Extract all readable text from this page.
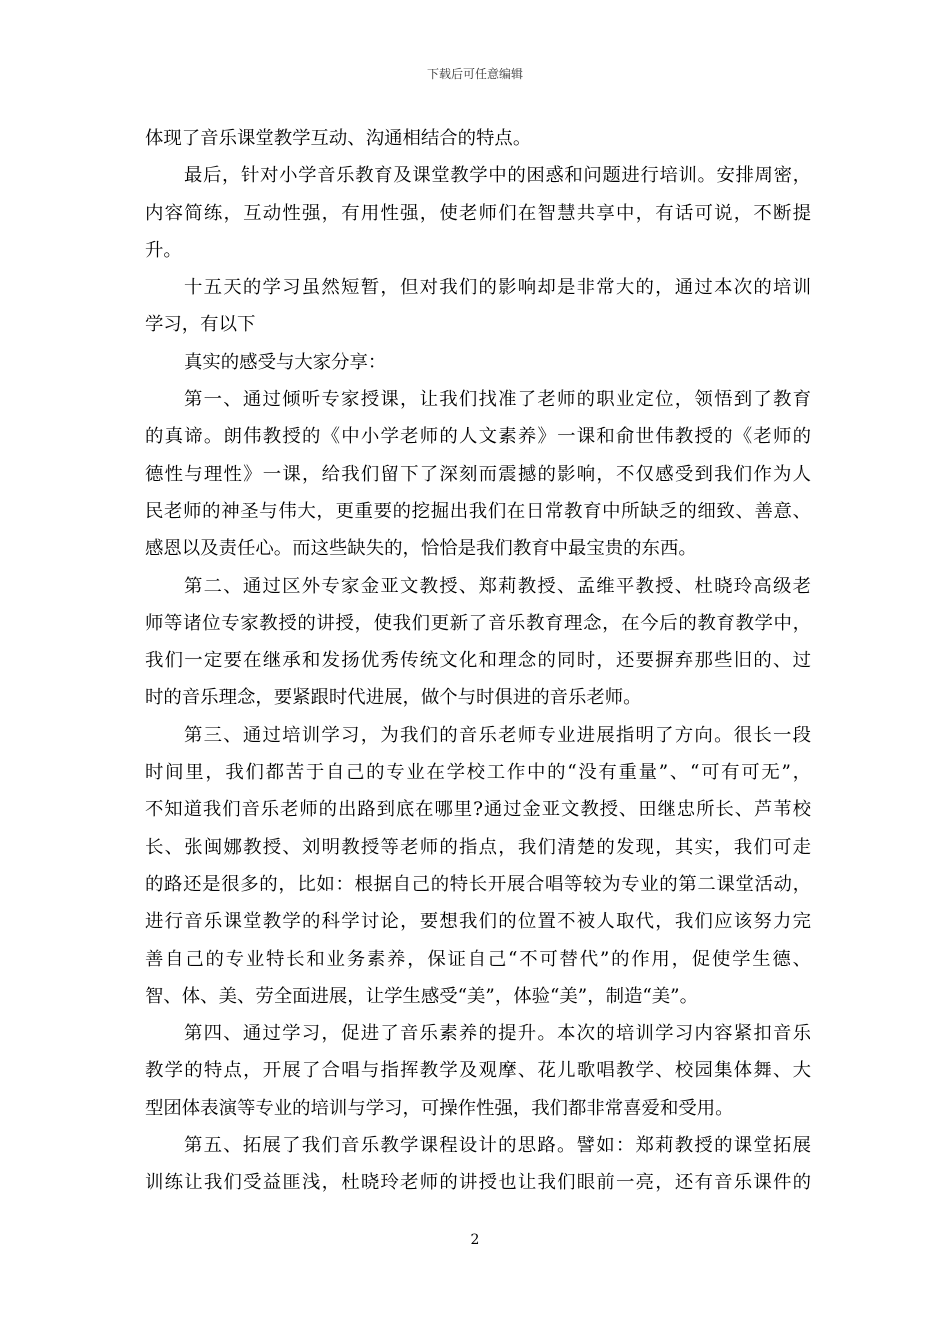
下载后可任意编辑
体现了音乐课堂教学互动、沟通相结合的特点。
最后，针对小学音乐教育及课堂教学中的困惑和问题进行培训。安排周密，
内容简练，互动性强，有用性强，使老师们在智慧共享中，有话可说，不断提
升。
十五天的学习虽然短暂，但对我们的影响却是非常大的，通过本次的培训
学习，有以下
真实的感受与大家分享：
第一、通过倾听专家授课，让我们找准了老师的职业定位，领悟到了教育
的真谛。朗伟教授的《中小学老师的人文素养》一课和俞世伟教授的《老师的
德性与理性》一课，给我们留下了深刻而震撼的影响，不仅感受到我们作为人
民老师的神圣与伟大，更重要的挖掘出我们在日常教育中所缺乏的细致、善意、
感恩以及责任心。而这些缺失的，恰恰是我们教育中最宝贵的东西。
第二、通过区外专家金亚文教授、郑莉教授、孟维平教授、杜晓玲高级老
师等诸位专家教授的讲授，使我们更新了音乐教育理念，在今后的教育教学中，
我们一定要在继承和发扬优秀传统文化和理念的同时，还要摒弃那些旧的、过
时的音乐理念，要紧跟时代进展，做个与时俱进的音乐老师。
第三、通过培训学习，为我们的音乐老师专业进展指明了方向。很长一段
时间里，我们都苦于自己的专业在学校工作中的“没有重量”、“可有可无”，
不知道我们音乐老师的出路到底在哪里?通过金亚文教授、田继忠所长、芦苇校
长、张闽娜教授、刘明教授等老师的指点，我们清楚的发现，其实，我们可走
的路还是很多的，比如：根据自己的特长开展合唱等较为专业的第二课堂活动，
进行音乐课堂教学的科学讨论，要想我们的位置不被人取代，我们应该努力完
善自己的专业特长和业务素养，保证自己“不可替代”的作用，促使学生德、
智、体、美、劳全面进展，让学生感受“美”，体验“美”，制造“美”。
第四、通过学习，促进了音乐素养的提升。本次的培训学习内容紧扣音乐
教学的特点，开展了合唱与指挥教学及观摩、花儿歌唱教学、校园集体舞、大
型团体表演等专业的培训与学习，可操作性强，我们都非常喜爱和受用。
第五、拓展了我们音乐教学课程设计的思路。譬如：郑莉教授的课堂拓展
训练让我们受益匪浅，杜晓玲老师的讲授也让我们眼前一亮，还有音乐课件的
2
